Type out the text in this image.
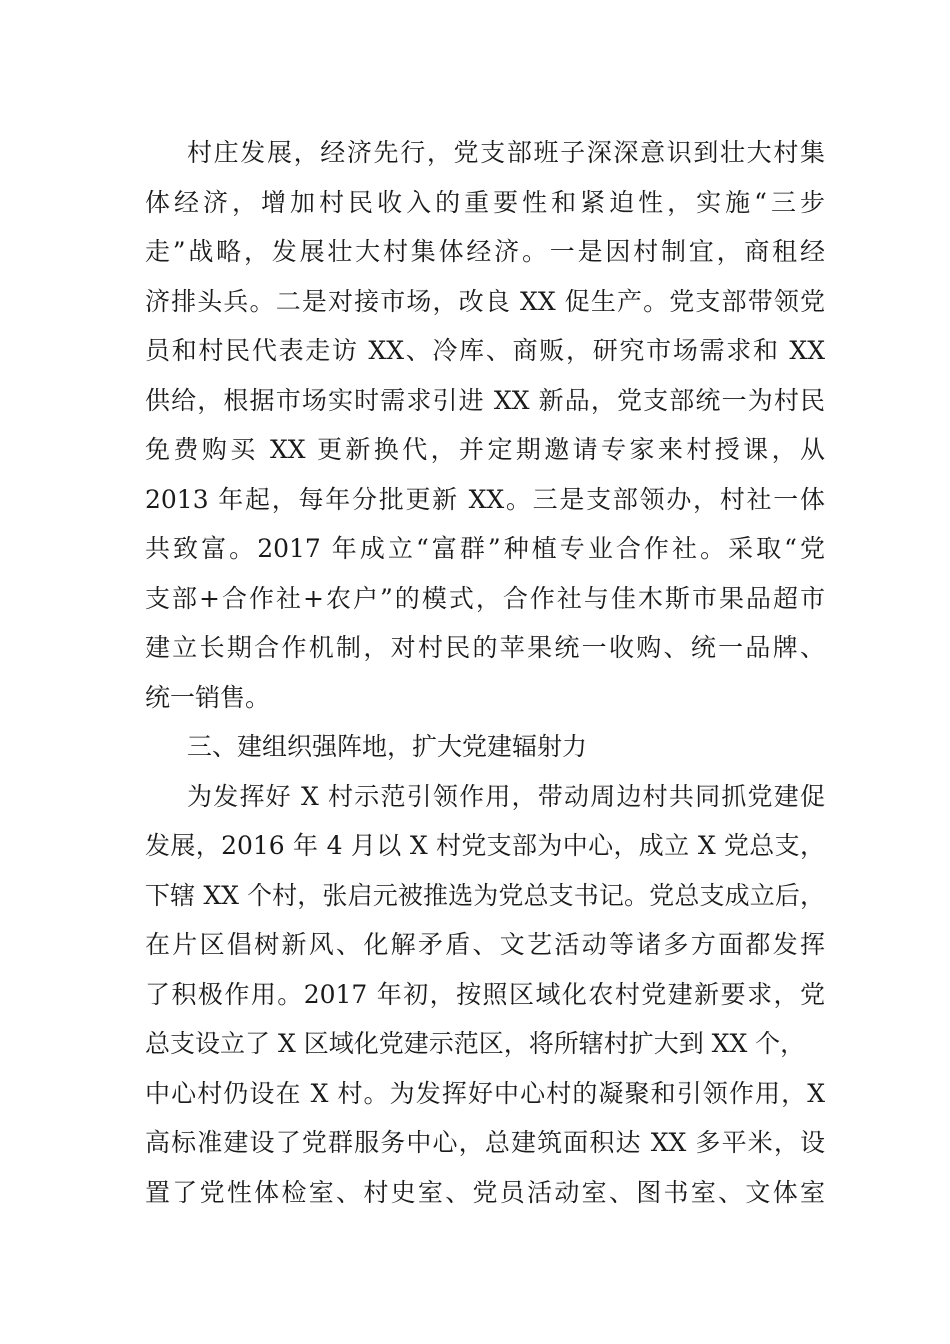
村庄发展，经济先行，党支部班子深深意识到壮大村集
体经济，增加村民收入的重要性和紧迫性，实施“三步
走”战略，发展壮大村集体经济。一是因村制宜，商租经
济排头兵。二是对接市场，改良 XX 促生产。党支部带领党
员和村民代表走访 XX、冷库、商贩，研究市场需求和 XX
供给，根据市场实时需求引进 XX 新品，党支部统一为村民
免费购买 XX 更新换代，并定期邀请专家来村授课，从
2013 年起，每年分批更新 XX。三是支部领办，村社一体
共致富。2017 年成立“富群”种植专业合作社。采取“党
支部+合作社+农户”的模式，合作社与佳木斯市果品超市
建立长期合作机制，对村民的苹果统一收购、统一品牌、
统一销售。
三、建组织强阵地，扩大党建辐射力
为发挥好 X 村示范引领作用，带动周边村共同抓党建促
发展，2016 年 4 月以 X 村党支部为中心，成立 X 党总支，
下辖 XX 个村，张启元被推选为党总支书记。党总支成立后，
在片区倡树新风、化解矛盾、文艺活动等诸多方面都发挥
了积极作用。2017 年初，按照区域化农村党建新要求，党
总支设立了 X 区域化党建示范区，将所辖村扩大到 XX 个，
中心村仍设在 X 村。为发挥好中心村的凝聚和引领作用，X
高标准建设了党群服务中心，总建筑面积达 XX 多平米，设
置了党性体检室、村史室、党员活动室、图书室、文体室
